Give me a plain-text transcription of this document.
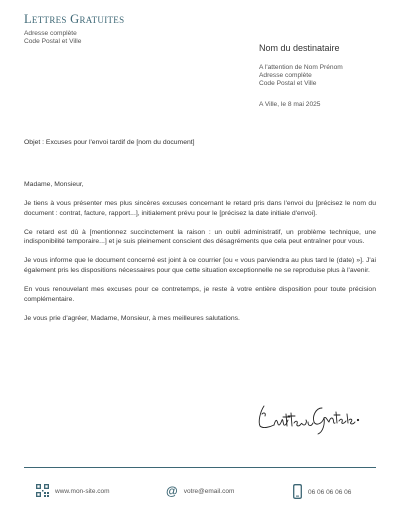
Lettres Gratuites
Adresse complète
Code Postal et Ville
Nom du destinataire
A l'attention de Nom Prénom
Adresse complète
Code Postal et Ville
A Ville, le 8 mai 2025
Objet : Excuses pour l'envoi tardif de [nom du document]

Madame, Monsieur,

Je tiens à vous présenter mes plus sincères excuses concernant le retard pris dans l'envoi du [précisez le nom du document : contrat, facture, rapport...], initialement prévu pour le [précisez la date initiale d'envoi].

Ce retard est dû à [mentionnez succinctement la raison : un oubli administratif, un problème technique, une indisponibilité temporaire...] et je suis pleinement conscient des désagréments que cela peut entraîner pour vous.

Je vous informe que le document concerné est joint à ce courrier [ou « vous parviendra au plus tard le (date) »]. J'ai également pris les dispositions nécessaires pour que cette situation exceptionnelle ne se reproduise plus à l'avenir.

En vous renouvelant mes excuses pour ce contretemps, je reste à votre entière disposition pour toute précision complémentaire.

Je vous prie d'agréer, Madame, Monsieur, à mes meilleures salutations.

www.mon-site.com	@ votre@email.com	06 06 06 06 06
